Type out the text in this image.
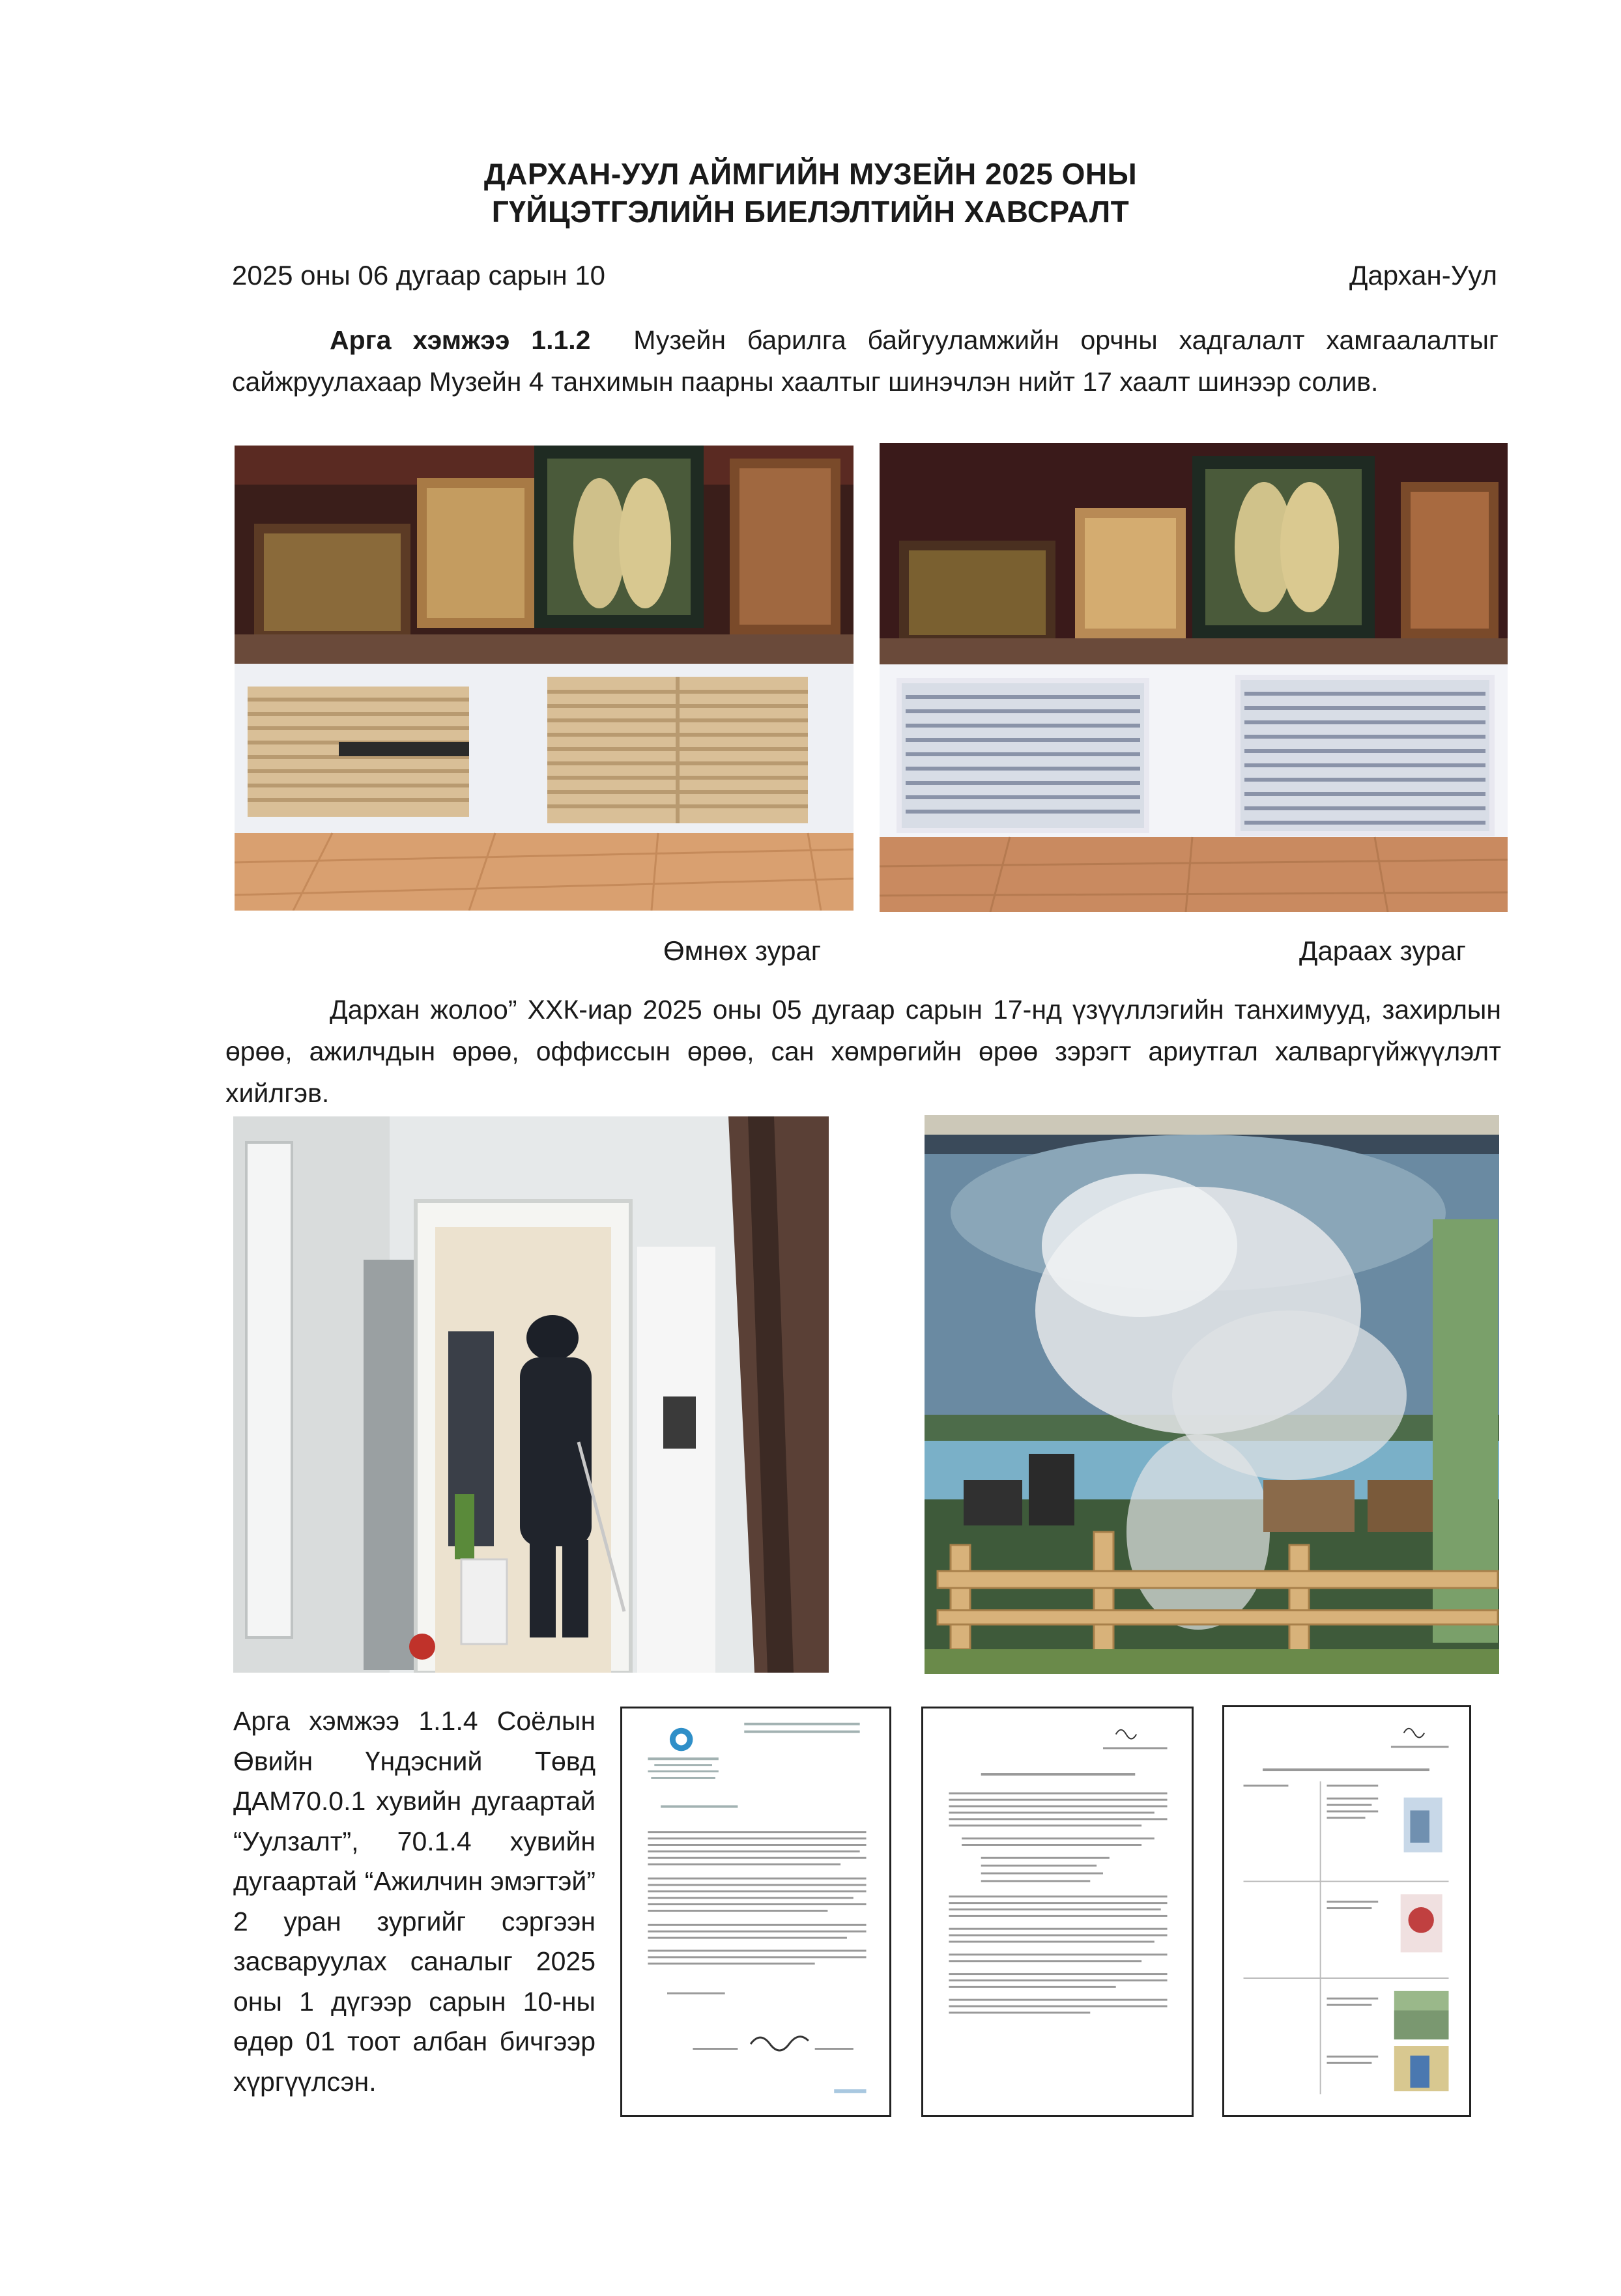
ДАРХАН-УУЛ АЙМГИЙН МУЗЕЙН 2025 ОНЫ
ГҮЙЦЭТГЭЛИЙН БИЕЛЭЛТИЙН ХАВСРАЛТ
2025 оны 06 дугаар сарын 10	Дархан-Уул
Арга хэмжээ 1.1.2 Музейн барилга байгууламжийн орчны хадгалалт хамгаалалтыг сайжруулахаар Музейн 4 танхимын паарны хаалтыг шинэчлэн нийт 17 хаалт шинээр солив.
Өмнөх зураг	Дараах зураг
Дархан жолоо” ХХК-иар 2025 оны 05 дугаар сарын 17-нд үзүүллэгийн танхимууд, захирлын өрөө, ажилчдын өрөө, оффиссын өрөө, сан хөмрөгийн өрөө зэрэгт ариутгал халваргүйжүүлэлт хийлгэв.
Арга хэмжээ 1.1.4 Соёлын Өвийн Үндэсний Төвд ДАМ70.0.1 хувийн дугаартай “Уулзалт”, 70.1.4 хувийн дугаартай “Ажилчин эмэгтэй” 2 уран зургийг сэргээн засваруулах саналыг 2025 оны 1 дүгээр сарын 10-ны өдөр 01 тоот албан бичгээр хүргүүлсэн.
